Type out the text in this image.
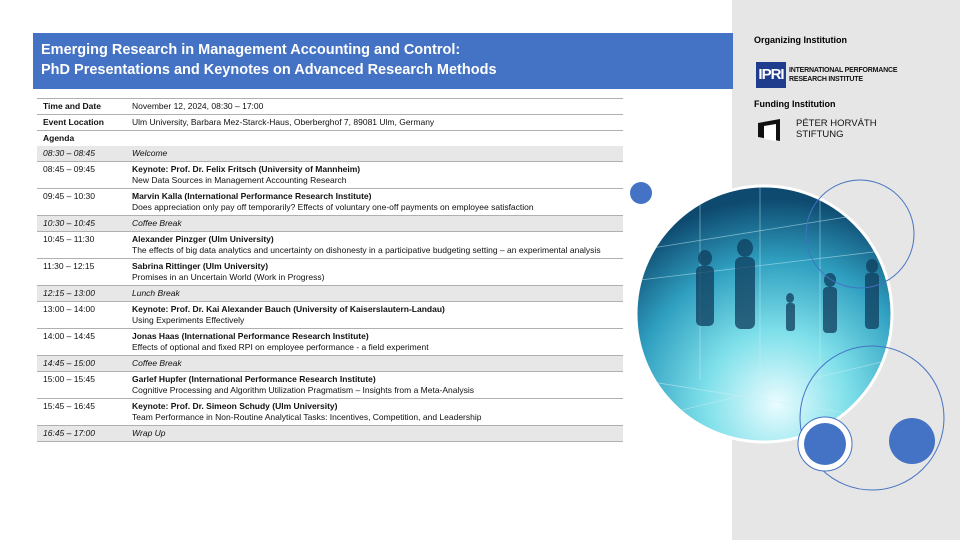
Emerging Research in Management Accounting and Control:
PhD Presentations and Keynotes on Advanced Research Methods
Organizing Institution
IPRI INTERNATIONAL PERFORMANCE
RESEARCH INSTITUTE
Funding Institution
PÉTER HORVÁTH
STIFTUNG
Time and Date	November 12, 2024, 08:30 – 17:00
Event Location	Ulm University, Barbara Mez-Starck-Haus, Oberberghof 7, 89081 Ulm, Germany
Agenda	
08:30 – 08:45	Welcome
08:45 – 09:45	Keynote: Prof. Dr. Felix Fritsch (University of Mannheim)
New Data Sources in Management Accounting Research

09:45 – 10:30	Marvin Kalla (International Performance Research Institute)
Does appreciation only pay off temporarily? Effects of voluntary one-off payments on employee satisfaction

10:30 – 10:45	Coffee Break
10:45 – 11:30	Alexander Pinzger (Ulm University)
The effects of big data analytics and uncertainty on dishonesty in a participative budgeting setting – an experimental analysis

11:30 – 12:15	Sabrina Rittinger (Ulm University)
Promises in an Uncertain World (Work in Progress)

12:15 – 13:00	Lunch Break
13:00 – 14:00	Keynote: Prof. Dr. Kai Alexander Bauch (University of Kaiserslautern-Landau)
Using Experiments Effectively

14:00 – 14:45	Jonas Haas (International Performance Research Institute)
Effects of optional and fixed RPI on employee performance - a field experiment

14:45 – 15:00	Coffee Break
15:00 – 15:45	Garlef Hupfer (International Performance Research Institute)
Cognitive Processing and Algorithm Utilization Pragmatism – Insights from a Meta-Analysis

15:45 – 16:45	Keynote: Prof. Dr. Simeon Schudy (Ulm University)
Team Performance in Non-Routine Analytical Tasks: Incentives, Competition, and Leadership

16:45 – 17:00	Wrap Up
